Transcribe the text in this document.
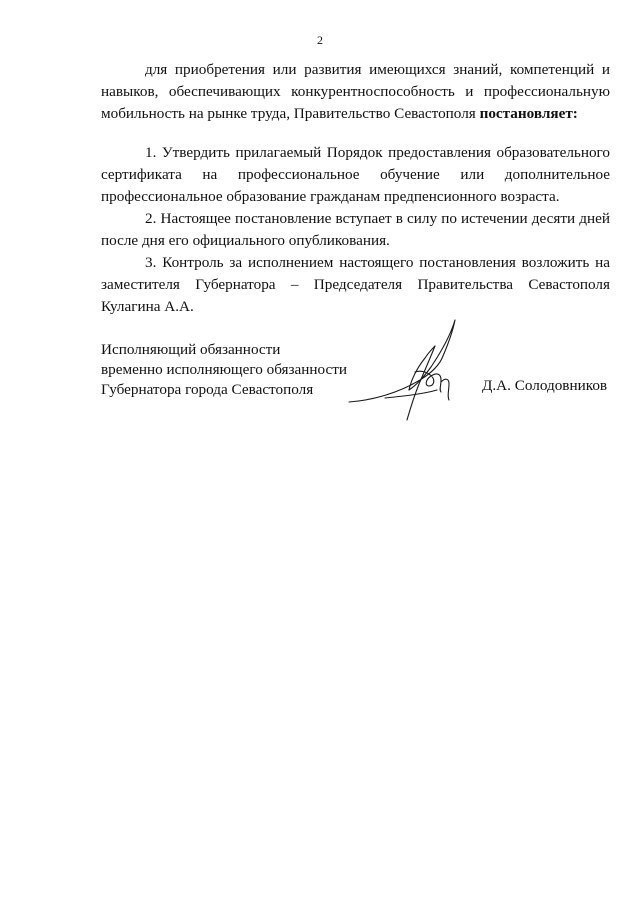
2

для приобретения или развития имеющихся знаний, компетенций и навыков, обеспечивающих конкурентноспособность и профессиональную мобильность на рынке труда, Правительство Севастополя постановляет:

1. Утвердить прилагаемый Порядок предоставления образовательного сертификата на профессиональное обучение или дополнительное профессиональное образование гражданам предпенсионного возраста.

2. Настоящее постановление вступает в силу по истечении десяти дней после дня его официального опубликования.

3. Контроль за исполнением настоящего постановления возложить на заместителя Губернатора – Председателя Правительства Севастополя Кулагина А.А.

Исполняющий обязанности
временно исполняющего обязанности
Губернатора города Севастополя	Д.А. Солодовников
